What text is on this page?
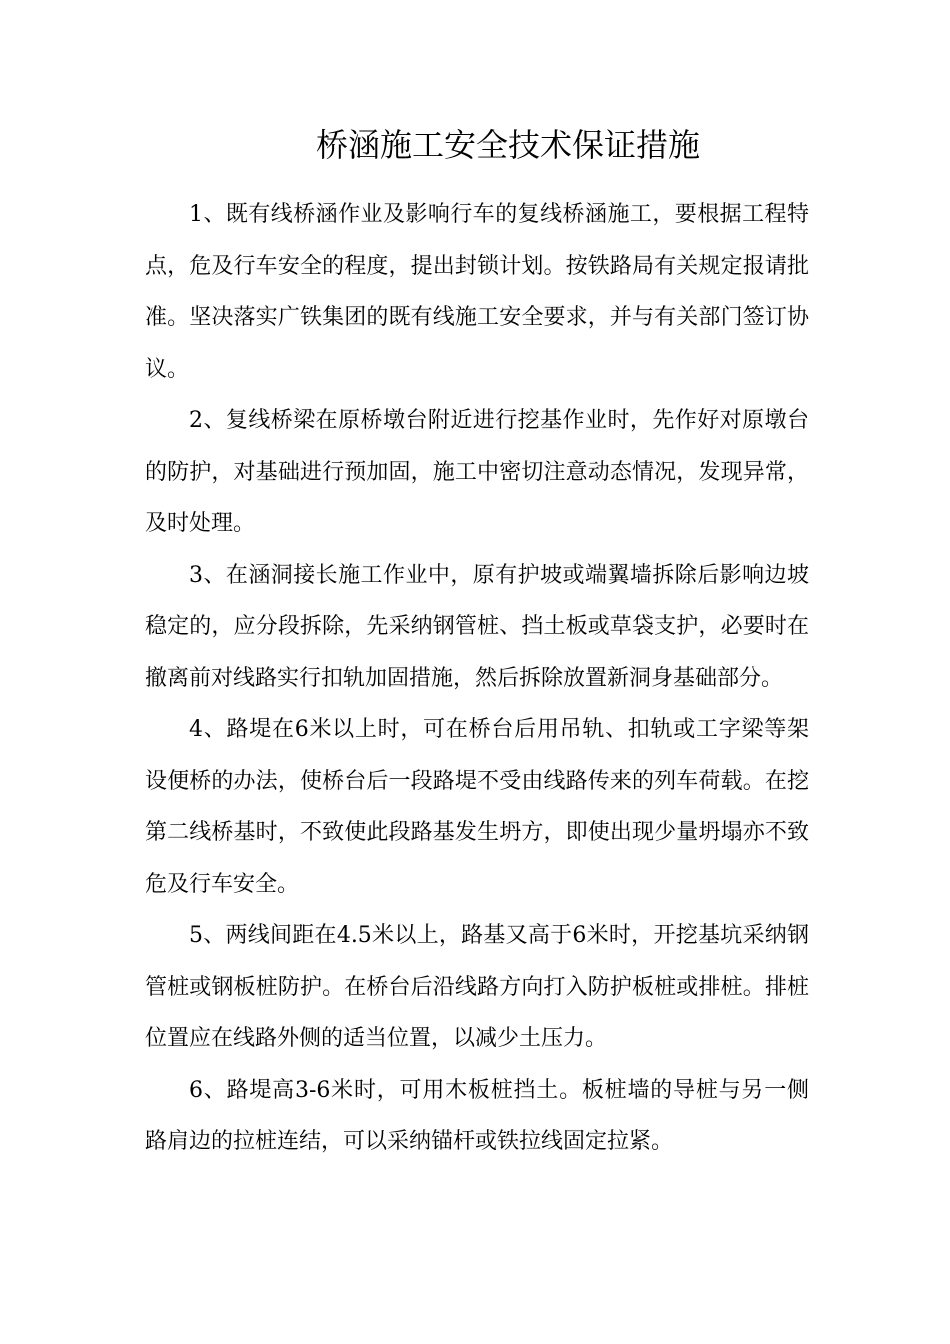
桥涵施工安全技术保证措施

1、既有线桥涵作业及影响行车的复线桥涵施工，要根据工程特点，危及行车安全的程度，提出封锁计划。按铁路局有关规定报请批准。坚决落实广铁集团的既有线施工安全要求，并与有关部门签订协议。

2、复线桥梁在原桥墩台附近进行挖基作业时，先作好对原墩台的防护，对基础进行预加固，施工中密切注意动态情况，发现异常，及时处理。

3、在涵洞接长施工作业中，原有护坡或端翼墙拆除后影响边坡稳定的，应分段拆除，先采纳钢管桩、挡土板或草袋支护，必要时在撤离前对线路实行扣轨加固措施，然后拆除放置新洞身基础部分。

4、路堤在6米以上时，可在桥台后用吊轨、扣轨或工字梁等架设便桥的办法，使桥台后一段路堤不受由线路传来的列车荷载。在挖第二线桥基时，不致使此段路基发生坍方，即使出现少量坍塌亦不致危及行车安全。

5、两线间距在4.5米以上，路基又高于6米时，开挖基坑采纳钢管桩或钢板桩防护。在桥台后沿线路方向打入防护板桩或排桩。排桩位置应在线路外侧的适当位置，以减少土压力。

6、路堤高3-6米时，可用木板桩挡土。板桩墙的导桩与另一侧路肩边的拉桩连结，可以采纳锚杆或铁拉线固定拉紧。
